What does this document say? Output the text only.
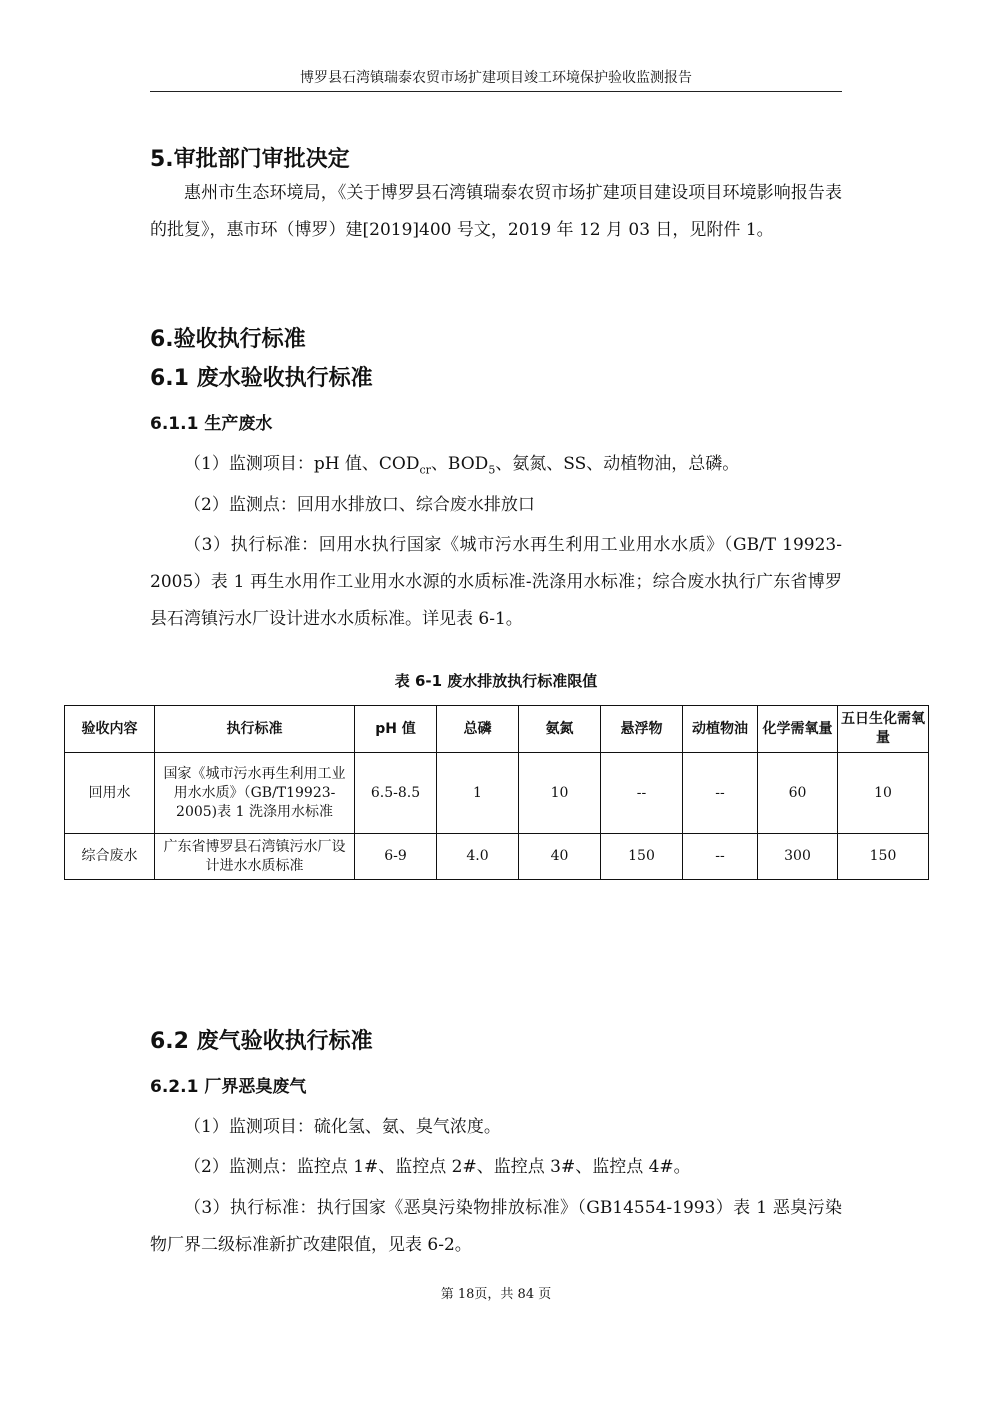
博罗县石湾镇瑞泰农贸市场扩建项目竣工环境保护验收监测报告
5.审批部门审批决定

惠州市生态环境局，《关于博罗县石湾镇瑞泰农贸市场扩建项目建设项目环境影响报告表的批复》，惠市环（博罗）建[2019]400 号文，2019 年 12 月 03 日，见附件 1。

6.验收执行标准
6.1 废水验收执行标准
6.1.1 生产废水

（1）监测项目：pH 值、$COD_{cr}$、$BOD_5$、氨氮、SS、动植物油，总磷。

（2）监测点：回用水排放口、综合废水排放口

（3）执行标准：回用水执行国家《城市污水再生利用工业用水水质》（GB/T 19923-2005）表 1 再生水用作工业用水水源的水质标准-洗涤用水标准；综合废水执行广东省博罗县石湾镇污水厂设计进水水质标准。详见表 6-1。

表 6-1 废水排放执行标准限值
验收内容	执行标准	pH 值	总磷	氨氮	悬浮物	动植物油	化学需氧量	五日生化需氧量
回用水	国家《城市污水再生利用工业用水水质》（GB/T19923-2005)表 1 洗涤用水标准	6.5-8.5	1	10	--	--	60	10
综合废水	广东省博罗县石湾镇污水厂设计进水水质标准	6-9	4.0	40	150	--	300	150
6.2 废气验收执行标准
6.2.1 厂界恶臭废气

（1）监测项目：硫化氢、氨、臭气浓度。

（2）监测点：监控点 1#、监控点 2#、监控点 3#、监控点 4#。

（3）执行标准：执行国家《恶臭污染物排放标准》（GB14554-1993）表 1 恶臭污染物厂界二级标准新扩改建限值，见表 6-2。

第 18页，共 84 页
